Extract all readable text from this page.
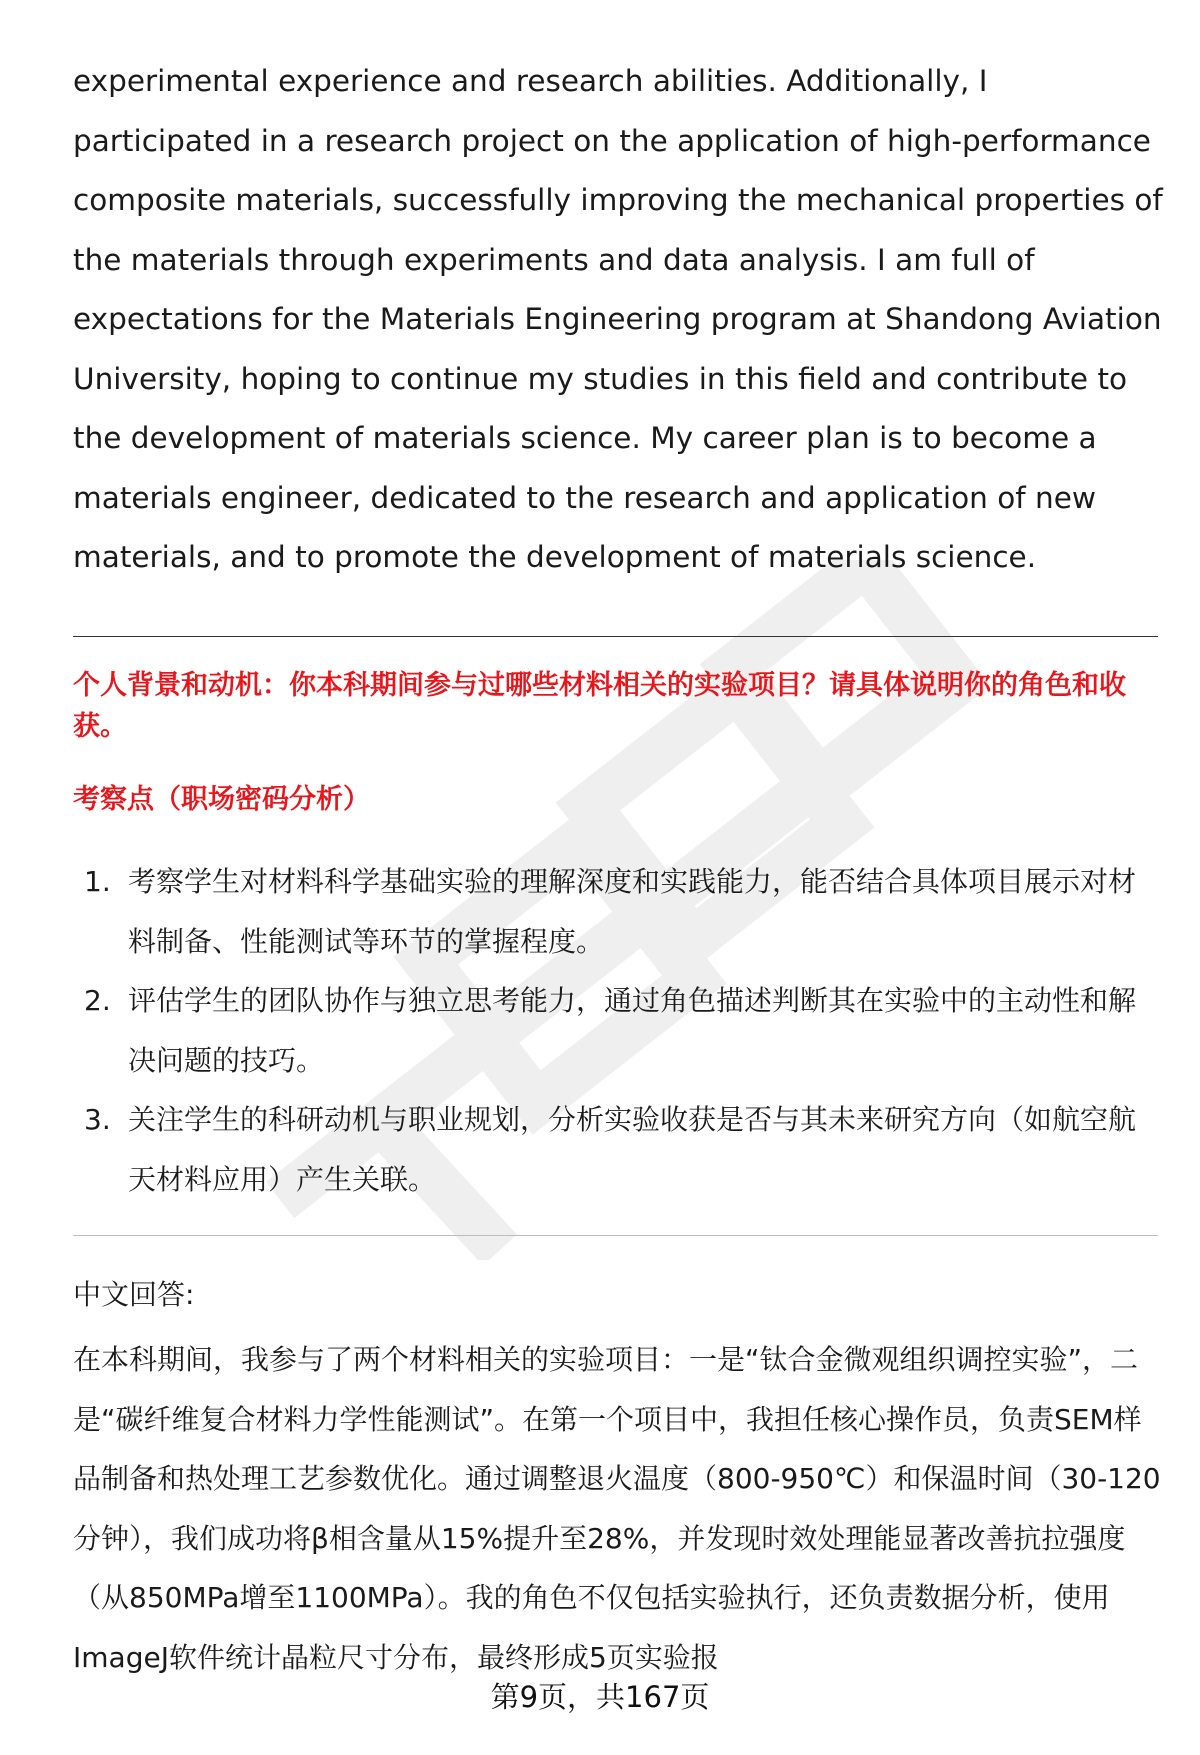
experimental experience and research abilities. Additionally, I participated in a research project on the application of high-performance composite materials, successfully improving the mechanical properties of the materials through experiments and data analysis. I am full of expectations for the Materials Engineering program at Shandong Aviation University, hoping to continue my studies in this field and contribute to the development of materials science. My career plan is to become a materials engineer, dedicated to the research and application of new materials, and to promote the development of materials science.

个人背景和动机：你本科期间参与过哪些材料相关的实验项目？请具体说明你的角色和收获。
考察点（职场密码分析）
1. 考察学生对材料科学基础实验的理解深度和实践能力，能否结合具体项目展示对材料制备、性能测试等环节的掌握程度。
2. 评估学生的团队协作与独立思考能力，通过角色描述判断其在实验中的主动性和解决问题的技巧。
3. 关注学生的科研动机与职业规划，分析实验收获是否与其未来研究方向（如航空航天材料应用）产生关联。
中文回答:

在本科期间，我参与了两个材料相关的实验项目：一是“钛合金微观组织调控实验”，二是“碳纤维复合材料力学性能测试”。在第一个项目中，我担任核心操作员，负责SEM样品制备和热处理工艺参数优化。通过调整退火温度（800-950℃）和保温时间（30-120分钟），我们成功将β相含量从15%提升至28%，并发现时效处理能显著改善抗拉强度（从850MPa增至1100MPa）。我的角色不仅包括实验执行，还负责数据分析，使用ImageJ软件统计晶粒尺寸分布，最终形成5页实验报

第9页，共167页
